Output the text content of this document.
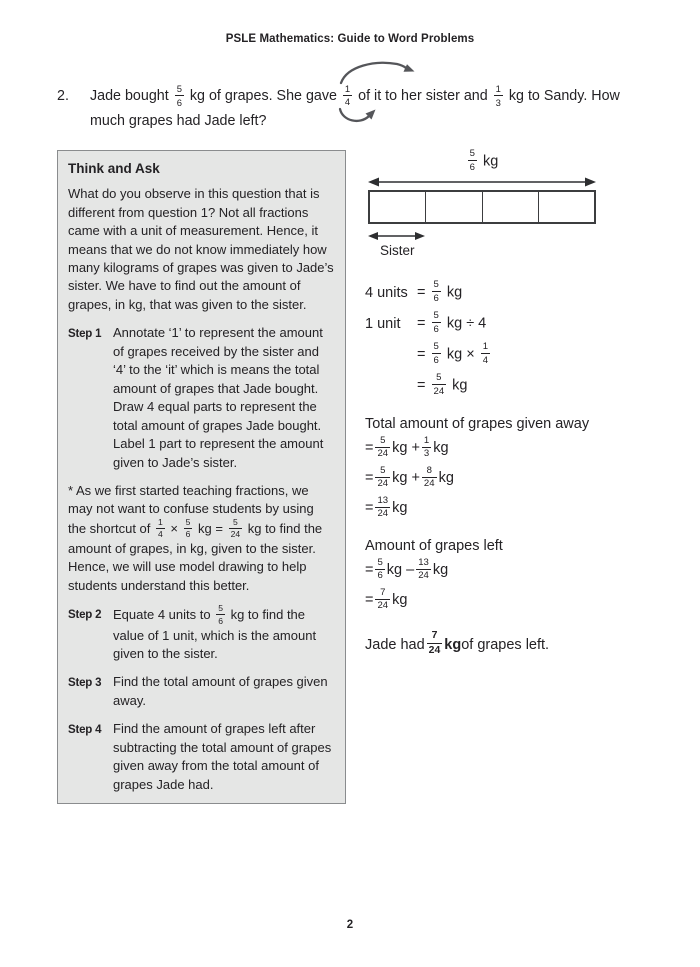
PSLE Mathematics: Guide to Word Problems
2.	Jade bought $\frac{5}{6}$ kg of grapes. She gave $\frac{1}{4}$ of it to her sister and $\frac{1}{3}$ kg to Sandy. How
much grapes had Jade left?
Think and Ask

What do you observe in this question that is different from question 1? Not all fractions came with a unit of measurement. Hence, it means that we do not know immediately how many kilograms of grapes was given to Jade’s sister. We have to find out the amount of grapes, in kg, that was given to the sister.

Step 1 Annotate ‘1’ to represent the amount of grapes received by the sister and ‘4’ to the ‘it’ which is means the total amount of grapes that Jade bought. Draw 4 equal parts to represent the total amount of grapes Jade bought. Label 1 part to represent the amount given to Jade’s sister.

* As we first started teaching fractions, we may not want to confuse students by using the shortcut of $\frac{1}{4} \times \frac{5}{6}$ kg = $\frac{5}{24}$ kg to find the amount of grapes, in kg, given to the sister. Hence, we will use model drawing to help students understand this better.

Step 2 Equate 4 units to $\frac{5}{6}$ kg to find the value of 1 unit, which is the amount given to the sister.
Step 3 Find the total amount of grapes given away.
Step 4 Find the amount of grapes left after subtracting the total amount of grapes given away from the total amount of grapes Jade had.
$\frac{5}{6}$ kg
Sister
4 units = $\frac{5}{6}$ kg
1 unit	= $\frac{5}{6}$ kg ÷ 4
= $\frac{5}{6}$ kg × $\frac{1}{4}$
= $\frac{5}{24}$ kg
Total amount of grapes given away
= $\frac{5}{24}$ kg + $\frac{1}{3}$ kg
= $\frac{5}{24}$ kg + $\frac{8}{24}$ kg
= $\frac{13}{24}$ kg
Amount of grapes left
= $\frac{5}{6}$ kg – $\frac{13}{24}$ kg
= $\frac{7}{24}$ kg
Jade had $\frac{7}{24}$ kg of grapes left.
2
